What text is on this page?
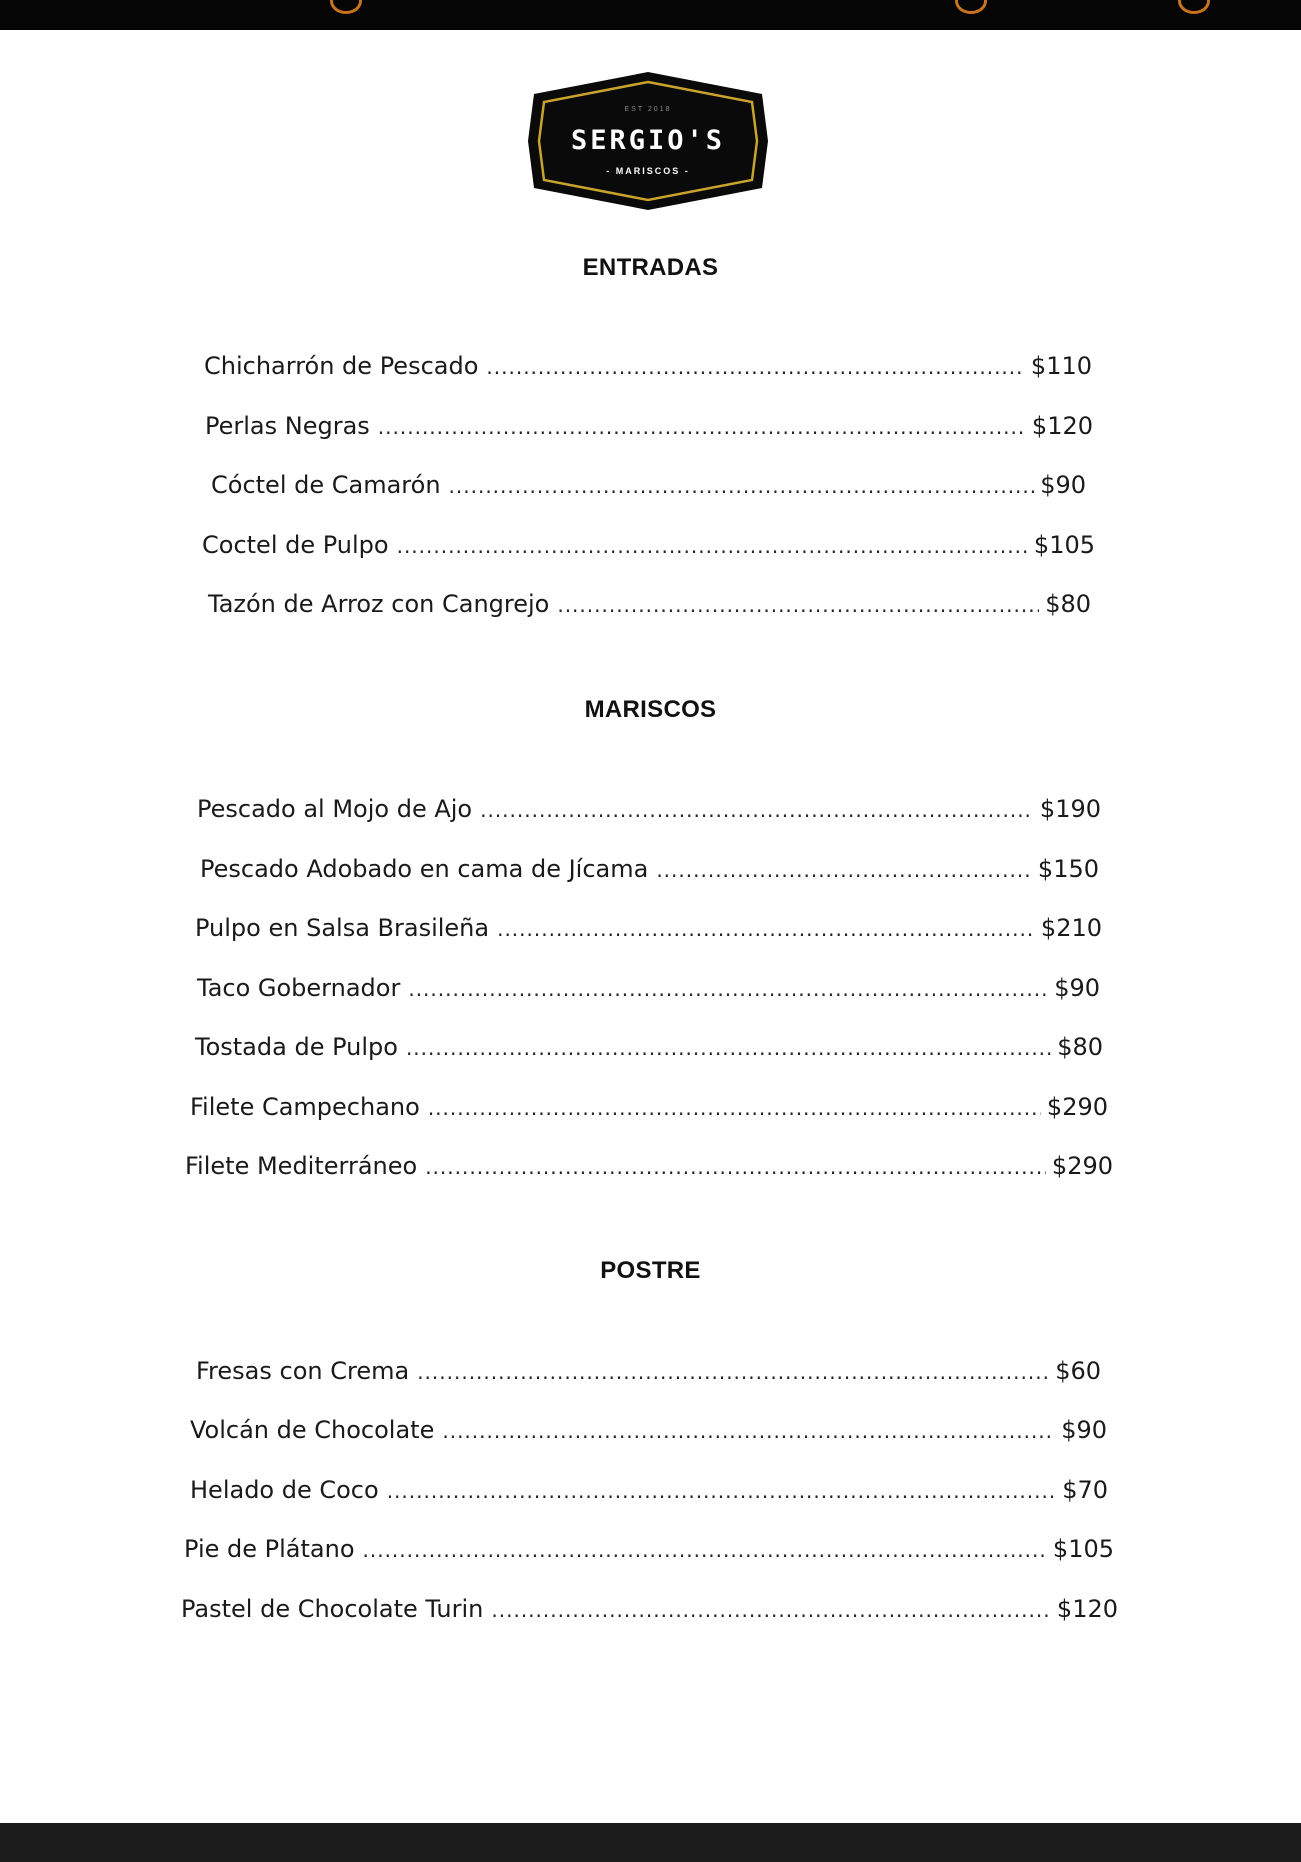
EST 2018
SERGIO'S
- MARISCOS -
ENTRADAS
Chicharrón de Pescado .....	$110
Perlas Negras .....	$120
Cóctel de Camarón .....	$90
Coctel de Pulpo .....	$105
Tazón de Arroz con Cangrejo .....	$80
MARISCOS
Pescado al Mojo de Ajo .....	$190
Pescado Adobado en cama de Jícama .....	$150
Pulpo en Salsa Brasileña .....	$210
Taco Gobernador .....	$90
Tostada de Pulpo .....	$80
Filete Campechano .....	$290
Filete Mediterráneo .....	$290
POSTRE
Fresas con Crema .....	$60
Volcán de Chocolate .....	$90
Helado de Coco .....	$70
Pie de Plátano .....	$105
Pastel de Chocolate Turin .....	$120
